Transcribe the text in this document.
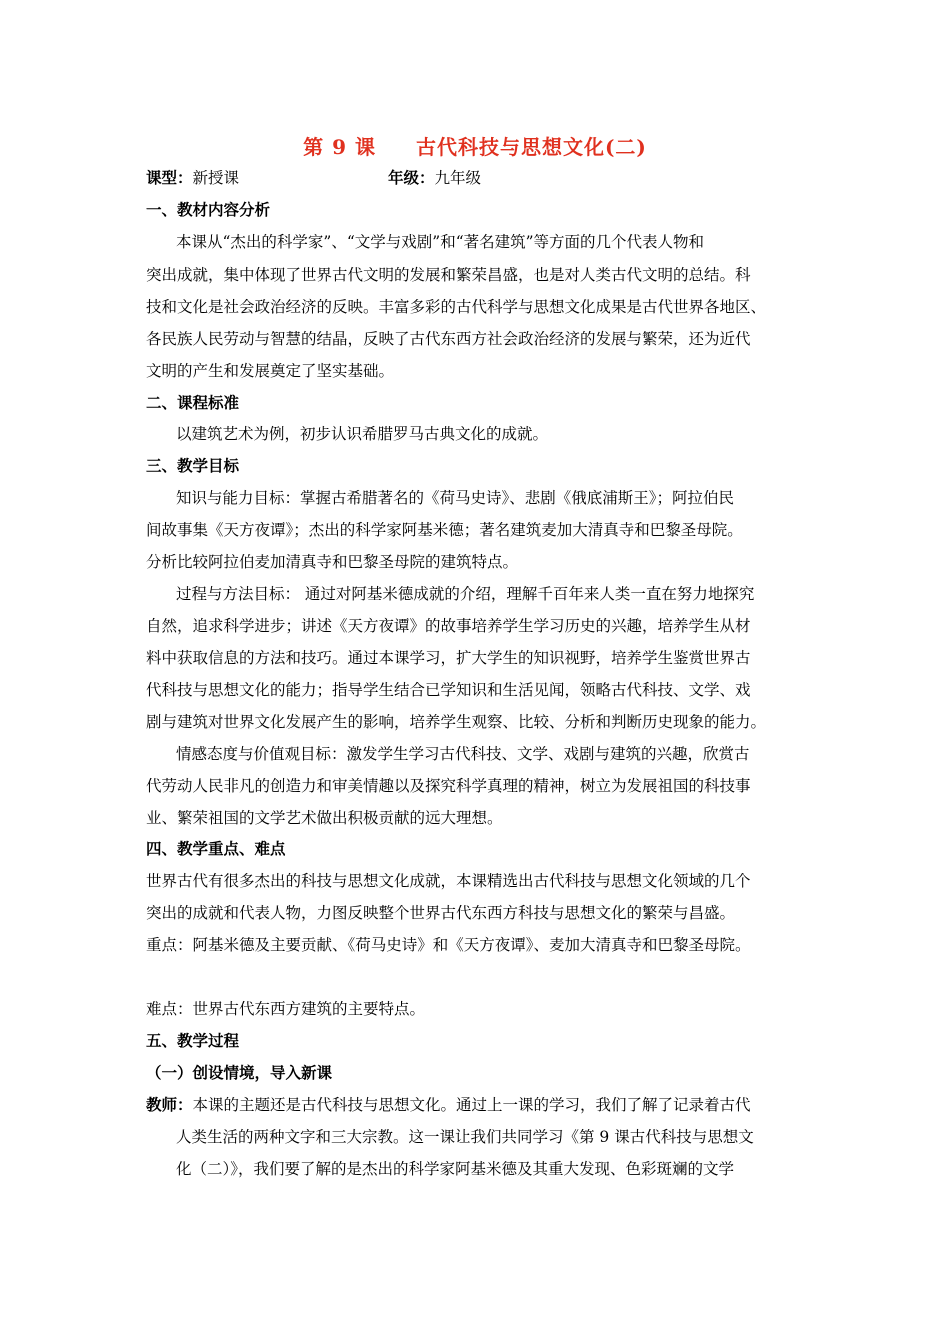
第 9 课 古代科技与思想文化(二)
课型：新授课	年级：九年级
一、教材内容分析
本课从“杰出的科学家”、“文学与戏剧”和“著名建筑”等方面的几个代表人物和
突出成就，集中体现了世界古代文明的发展和繁荣昌盛，也是对人类古代文明的总结。科
技和文化是社会政治经济的反映。丰富多彩的古代科学与思想文化成果是古代世界各地区、
各民族人民劳动与智慧的结晶，反映了古代东西方社会政治经济的发展与繁荣，还为近代
文明的产生和发展奠定了坚实基础。
二、课程标准
以建筑艺术为例，初步认识希腊罗马古典文化的成就。
三、教学目标
知识与能力目标：掌握古希腊著名的《荷马史诗》、悲剧《俄底浦斯王》；阿拉伯民
间故事集《天方夜谭》；杰出的科学家阿基米德；著名建筑麦加大清真寺和巴黎圣母院。
分析比较阿拉伯麦加清真寺和巴黎圣母院的建筑特点。
过程与方法目标： 通过对阿基米德成就的介绍，理解千百年来人类一直在努力地探究
自然，追求科学进步；讲述《天方夜谭》的故事培养学生学习历史的兴趣，培养学生从材
料中获取信息的方法和技巧。通过本课学习，扩大学生的知识视野，培养学生鉴赏世界古
代科技与思想文化的能力；指导学生结合已学知识和生活见闻，领略古代科技、文学、戏
剧与建筑对世界文化发展产生的影响，培养学生观察、比较、分析和判断历史现象的能力。
情感态度与价值观目标：激发学生学习古代科技、文学、戏剧与建筑的兴趣，欣赏古
代劳动人民非凡的创造力和审美情趣以及探究科学真理的精神，树立为发展祖国的科技事
业、繁荣祖国的文学艺术做出积极贡献的远大理想。
四、教学重点、难点
世界古代有很多杰出的科技与思想文化成就，本课精选出古代科技与思想文化领域的几个
突出的成就和代表人物，力图反映整个世界古代东西方科技与思想文化的繁荣与昌盛。
重点：阿基米德及主要贡献、《荷马史诗》和《天方夜谭》、麦加大清真寺和巴黎圣母院。
难点：世界古代东西方建筑的主要特点。
五、教学过程
（一）创设情境，导入新课
教师：本课的主题还是古代科技与思想文化。通过上一课的学习，我们了解了记录着古代
人类生活的两种文字和三大宗教。这一课让我们共同学习《第 9 课古代科技与思想文
化（二）》，我们要了解的是杰出的科学家阿基米德及其重大发现、色彩斑斓的文学
